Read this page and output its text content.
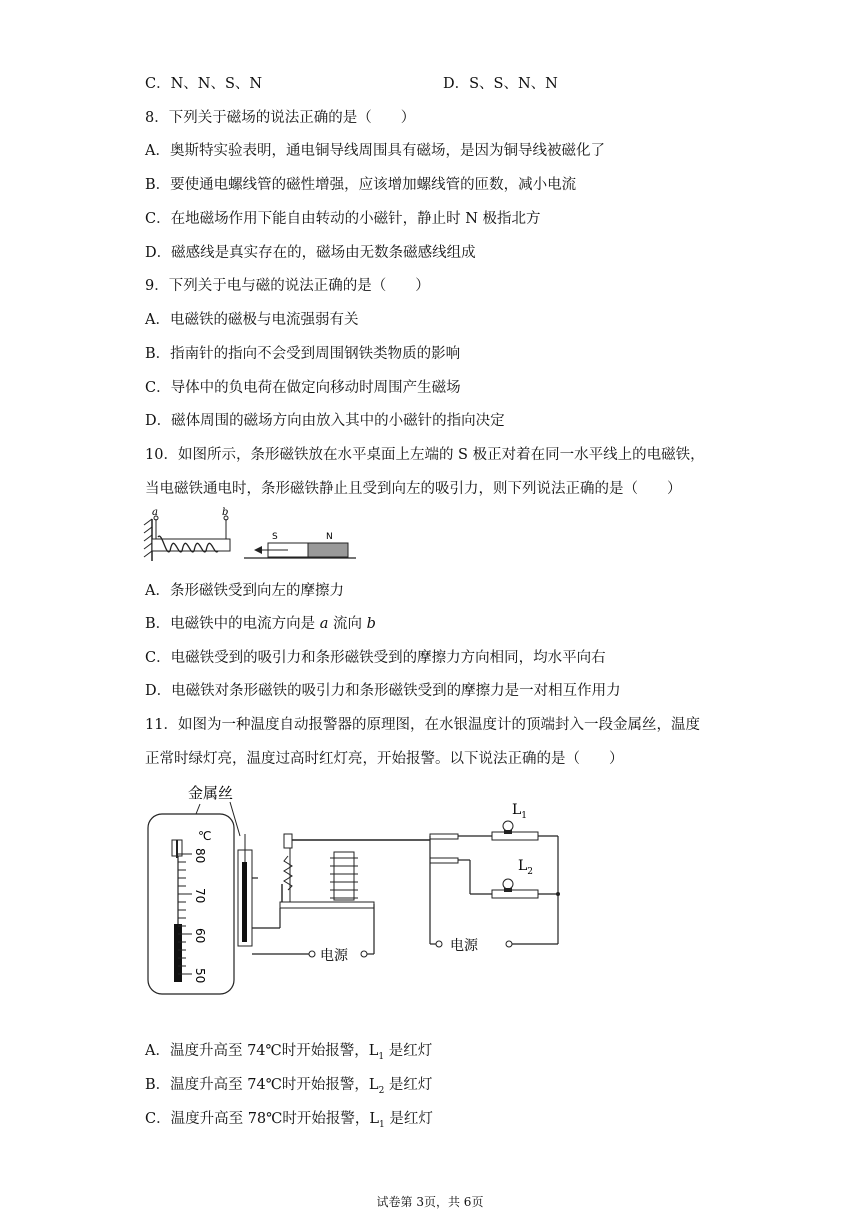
C．N、N、S、N	D．S、S、N、N
8．下列关于磁场的说法正确的是（　　）
A．奥斯特实验表明，通电铜导线周围具有磁场，是因为铜导线被磁化了
B．要使通电螺线管的磁性增强，应该增加螺线管的匝数，减小电流
C．在地磁场作用下能自由转动的小磁针，静止时 N 极指北方
D．磁感线是真实存在的，磁场由无数条磁感线组成
9．下列关于电与磁的说法正确的是（　　）
A．电磁铁的磁极与电流强弱有关
B．指南针的指向不会受到周围钢铁类物质的影响
C．导体中的负电荷在做定向移动时周围产生磁场
D．磁体周围的磁场方向由放入其中的小磁针的指向决定
10．如图所示，条形磁铁放在水平桌面上左端的 S 极正对着在同一水平线上的电磁铁，
当电磁铁通电时，条形磁铁静止且受到向左的吸引力，则下列说法正确的是（　　）
a	b
S	N
A．条形磁铁受到向左的摩擦力
B．电磁铁中的电流方向是 a 流向 b
C．电磁铁受到的吸引力和条形磁铁受到的摩擦力方向相同，均水平向右
D．电磁铁对条形磁铁的吸引力和条形磁铁受到的摩擦力是一对相互作用力
11．如图为一种温度自动报警器的原理图，在水银温度计的顶端封入一段金属丝，温度
正常时绿灯亮，温度过高时红灯亮，开始报警。以下说法正确的是（　　）
金属丝
℃
80
70
60
50
电源
$L_1$
$L_2$
电源
A．温度升高至 74℃时开始报警，$L_1$ 是红灯
B．温度升高至 74℃时开始报警，$L_2$ 是红灯
C．温度升高至 78℃时开始报警，$L_1$ 是红灯
试卷第 3页，共 6页
